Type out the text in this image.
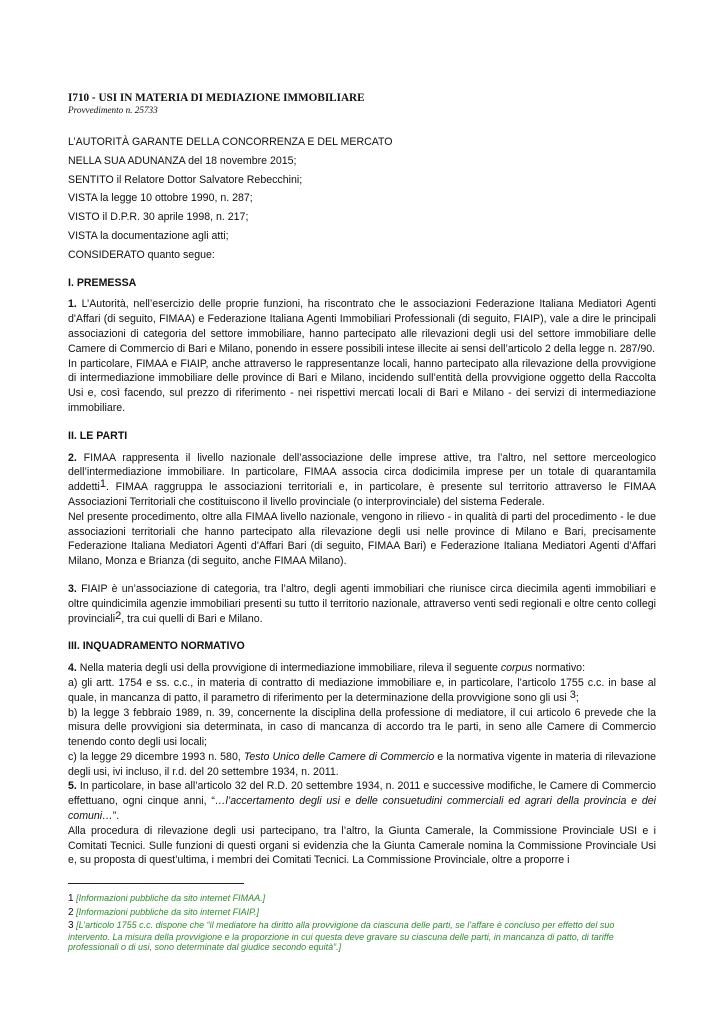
I710 - USI IN MATERIA DI MEDIAZIONE IMMOBILIARE
Provvedimento n. 25733
L’AUTORITÀ GARANTE DELLA CONCORRENZA E DEL MERCATO
NELLA SUA ADUNANZA del 18 novembre 2015;
SENTITO il Relatore Dottor Salvatore Rebecchini;
VISTA la legge 10 ottobre 1990, n. 287;
VISTO il D.P.R. 30 aprile 1998, n. 217;
VISTA la documentazione agli atti;
CONSIDERATO quanto segue:
I. PREMESSA

1. L’Autorità, nell’esercizio delle proprie funzioni, ha riscontrato che le associazioni Federazione Italiana Mediatori Agenti d'Affari (di seguito, FIMAA) e Federazione Italiana Agenti Immobiliari Professionali (di seguito, FIAIP), vale a dire le principali associazioni di categoria del settore immobiliare, hanno partecipato alle rilevazioni degli usi del settore immobiliare delle Camere di Commercio di Bari e Milano, ponendo in essere possibili intese illecite ai sensi dell’articolo 2 della legge n. 287/90.

In particolare, FIMAA e FIAIP, anche attraverso le rappresentanze locali, hanno partecipato alla rilevazione della provvigione di intermediazione immobiliare delle province di Bari e Milano, incidendo sull’entità della provvigione oggetto della Raccolta Usi e, così facendo, sul prezzo di riferimento - nei rispettivi mercati locali di Bari e Milano - dei servizi di intermediazione immobiliare.

II. LE PARTI

2. FIMAA rappresenta il livello nazionale dell’associazione delle imprese attive, tra l’altro, nel settore merceologico dell’intermediazione immobiliare. In particolare, FIMAA associa circa dodicimila imprese per un totale di quarantamila addetti$^1$. FIMAA raggruppa le associazioni territoriali e, in particolare, è presente sul territorio attraverso le FIMAA Associazioni Territoriali che costituiscono il livello provinciale (o interprovinciale) del sistema Federale.

Nel presente procedimento, oltre alla FIMAA livello nazionale, vengono in rilievo - in qualità di parti del procedimento - le due associazioni territoriali che hanno partecipato alla rilevazione degli usi nelle province di Milano e Bari, precisamente Federazione Italiana Mediatori Agenti d'Affari Bari (di seguito, FIMAA Bari) e Federazione Italiana Mediatori Agenti d'Affari Milano, Monza e Brianza (di seguito, anche FIMAA Milano).

3. FIAIP è un’associazione di categoria, tra l’altro, degli agenti immobiliari che riunisce circa diecimila agenti immobiliari e oltre quindicimila agenzie immobiliari presenti su tutto il territorio nazionale, attraverso venti sedi regionali e oltre cento collegi provinciali$^2$, tra cui quelli di Bari e Milano.

III. INQUADRAMENTO NORMATIVO

4. Nella materia degli usi della provvigione di intermediazione immobiliare, rileva il seguente corpus normativo:

a) gli artt. 1754 e ss. c.c., in materia di contratto di mediazione immobiliare e, in particolare, l’articolo 1755 c.c. in base al quale, in mancanza di patto, il parametro di riferimento per la determinazione della provvigione sono gli usi $^3$;

b) la legge 3 febbraio 1989, n. 39, concernente la disciplina della professione di mediatore, il cui articolo 6 prevede che la misura delle provvigioni sia determinata, in caso di mancanza di accordo tra le parti, in seno alle Camere di Commercio tenendo conto degli usi locali;

c) la legge 29 dicembre 1993 n. 580, Testo Unico delle Camere di Commercio e la normativa vigente in materia di rilevazione degli usi, ivi incluso, il r.d. del 20 settembre 1934, n. 2011.

5. In particolare, in base all’articolo 32 del R.D. 20 settembre 1934, n. 2011 e successive modifiche, le Camere di Commercio effettuano, ogni cinque anni, “…l’accertamento degli usi e delle consuetudini commerciali ed agrari della provincia e dei comuni…”.

Alla procedura di rilevazione degli usi partecipano, tra l’altro, la Giunta Camerale, la Commissione Provinciale USI e i Comitati Tecnici. Sulle funzioni di questi organi si evidenzia che la Giunta Camerale nomina la Commissione Provinciale Usi e, su proposta di quest’ultima, i membri dei Comitati Tecnici. La Commissione Provinciale, oltre a proporre i

1 [Informazioni pubbliche da sito internet FIMAA.]

2 [Informazioni pubbliche da sito internet FIAIP.]

3 [L’articolo 1755 c.c. dispone che “il mediatore ha diritto alla provvigione da ciascuna delle parti, se l’affare è concluso per effetto del suo intervento. La misura della provvigione e la proporzione in cui questa deve gravare su ciascuna delle parti, in mancanza di patto, di tariffe professionali o di usi, sono determinate dal giudice secondo equità”.]
